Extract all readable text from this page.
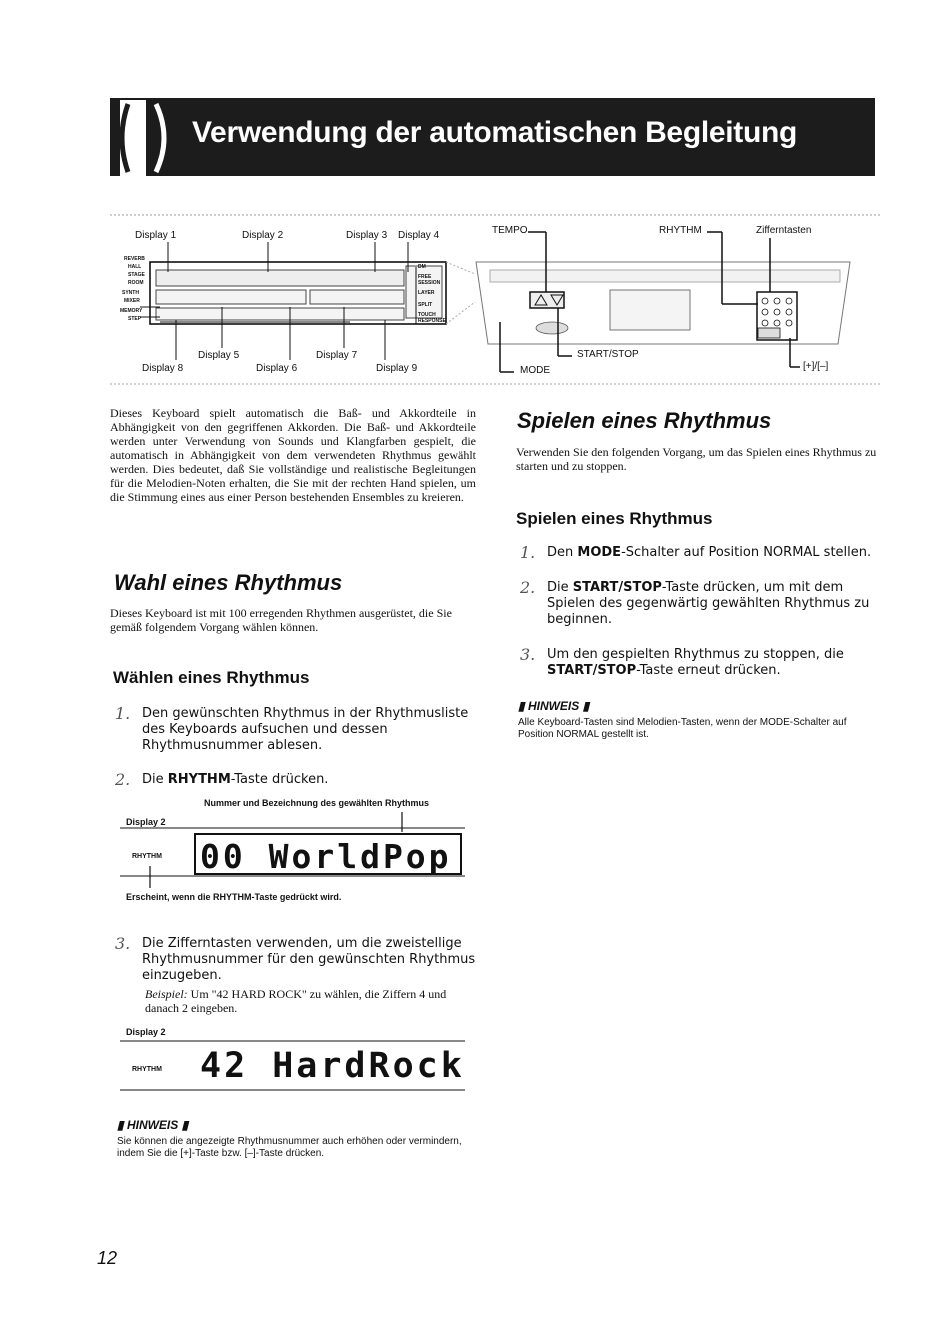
Verwendung der automatischen Begleitung
Display 1	Display 2	Display 3 Display 4
Display 5
Display 6
Display 7
Display 8	Display 9
REVERB
HALL
STAGE
ROOM
SYNTH
MIXER
MEMORY
STEP
DM
FREE SESSION
LAYER
SPLIT
TOUCH RESPONSE
TEMPO	RHYTHM	Zifferntasten
MODE
START/STOP
[+]/[–]
Dieses Keyboard spielt automatisch die Baß- und Akkordteile in Abhängigkeit von den gegriffenen Akkorden. Die Baß- und Akkordteile werden unter Verwendung von Sounds und Klangfarben gespielt, die automatisch in Abhängigkeit von dem verwendeten Rhythmus gewählt werden. Dies bedeutet, daß Sie vollständige und realistische Begleitungen für die Melodien-Noten erhalten, die Sie mit der rechten Hand spielen, um die Stimmung eines aus einer Person bestehenden Ensembles zu kreieren.
Wahl eines Rhythmus
Dieses Keyboard ist mit 100 erregenden Rhythmen ausgerüstet, die Sie gemäß folgendem Vorgang wählen können.
Wählen eines Rhythmus
1. Den gewünschten Rhythmus in der Rhythmusliste des Keyboards aufsuchen und dessen Rhythmusnummer ablesen.
2. Die RHYTHM-Taste drücken.
Nummer und Bezeichnung des gewählten Rhythmus
Display 2
RHYTHM 00 WorldPop
Erscheint, wenn die RHYTHM-Taste gedrückt wird.
3. Die Zifferntasten verwenden, um die zweistellige Rhythmusnummer für den gewünschten Rhythmus einzugeben.
Beispiel: Um "42 HARD ROCK" zu wählen, die Ziffern 4 und danach 2 eingeben.
Display 2
RHYTHM 42 HardRock
▮ HINWEIS ▮
Sie können die angezeigte Rhythmusnummer auch erhöhen oder vermindern, indem Sie die [+]-Taste bzw. [–]-Taste drücken.
Spielen eines Rhythmus
Verwenden Sie den folgenden Vorgang, um das Spielen eines Rhythmus zu starten und zu stoppen.
Spielen eines Rhythmus
1. Den MODE-Schalter auf Position NORMAL stellen.
2. Die START/STOP-Taste drücken, um mit dem Spielen des gegenwärtig gewählten Rhythmus zu beginnen.
3. Um den gespielten Rhythmus zu stoppen, die START/STOP-Taste erneut drücken.
▮ HINWEIS ▮
Alle Keyboard-Tasten sind Melodien-Tasten, wenn der MODE-Schalter auf Position NORMAL gestellt ist.
12
